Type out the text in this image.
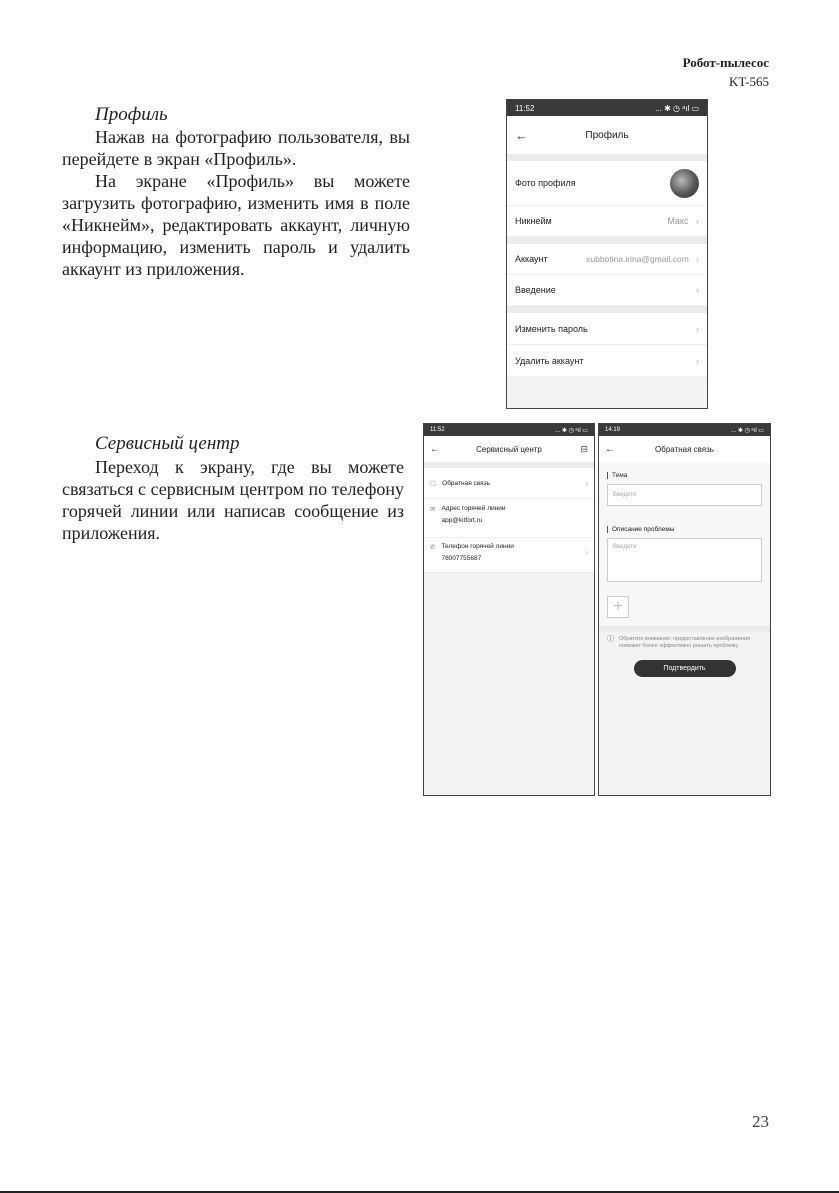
Робот-пылесос
KT-565
Профиль

Нажав на фотографию пользователя, вы перейдете в экран «Профиль».

На экране «Профиль» вы можете загрузить фотографию, изменить имя в поле «Никнейм», редактировать аккаунт, личную информацию, изменить пароль и удалить аккаунт из приложения.

Сервисный центр

Переход к экрану, где вы можете связаться с сервисным центром по телефону горячей линии или написав сообщение из приложения.

11:52	... ✱ ◷ ᵃıl ▭
←	Профиль
Фото профиля
Никнейм	Макс ›
Аккаунт	subbotina.irina@gmail.com ›
Введение	›
Изменить пароль	›
Удалить аккаунт	›
11:52	... ✱ ◷ ᵃıl ▭
←	Сервисный центр	⊟
▢ Обратная связь	›
✉ Адрес горячей линии
app@kitfort.ru
✆ Телефон горячей линии
78007755687
›
14:19	... ✱ ◷ ᵃıl ▭
←	Обратная связь
Тема
Введите
Описание проблемы
Введите
+
ⓘ Обратите внимание: предоставление изображения поможет более эффективно решить проблему
Подтвердить
23
